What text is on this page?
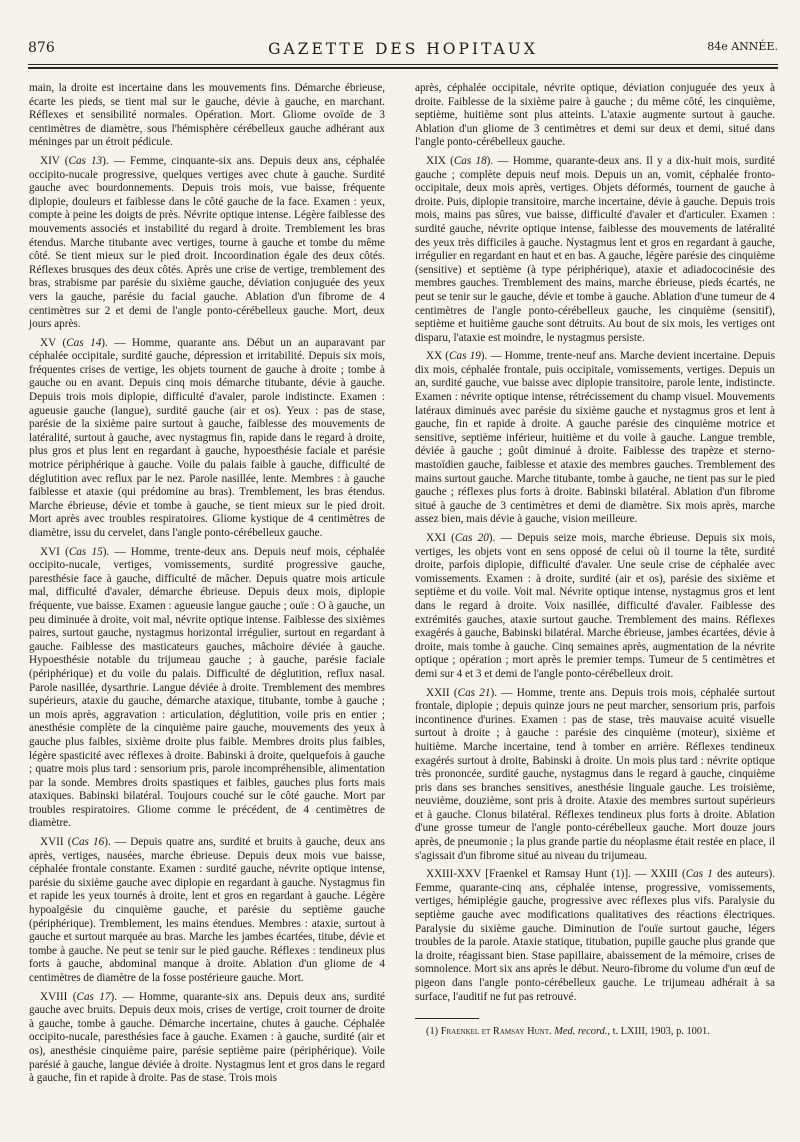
876	GAZETTE DES HOPITAUX	84e ANNÉE.

main, la droite est incertaine dans les mouvements fins. Démarche ébrieuse, écarte les pieds, se tient mal sur le gauche, dévie à gauche, en marchant. Réflexes et sensibilité normales. Opération. Mort. Gliome ovoïde de 3 centimètres de diamètre, sous l'hémisphère cérébelleux gauche adhérant aux méninges par un étroit pédicule.

XIV (Cas 13). — Femme, cinquante-six ans. Depuis deux ans, céphalée occipito-nucale progressive, quelques vertiges avec chute à gauche. Surdité gauche avec bourdonnements. Depuis trois mois, vue baisse, fréquente diplopie, douleurs et faiblesse dans le côté gauche de la face. Examen : yeux, compte à peine les doigts de près. Névrite optique intense. Légère faiblesse des mouvements associés et instabilité du regard à droite. Tremblement les bras étendus. Marche titubante avec vertiges, tourne à gauche et tombe du même côté. Se tient mieux sur le pied droit. Incoordination égale des deux côtés. Réflexes brusques des deux côtés. Après une crise de vertige, tremblement des bras, strabisme par parésie du sixième gauche, déviation conjuguée des yeux vers la gauche, parésie du facial gauche. Ablation d'un fibrome de 4 centimètres sur 2 et demi de l'angle ponto-cérébelleux gauche. Mort, deux jours après.

XV (Cas 14). — Homme, quarante ans. Début un an auparavant par céphalée occipitale, surdité gauche, dépression et irritabilité. Depuis six mois, fréquentes crises de vertige, les objets tournent de gauche à droite ; tombe à gauche ou en avant. Depuis cinq mois démarche titubante, dévie à gauche. Depuis trois mois diplopie, difficulté d'avaler, parole indistincte. Examen : agueusie gauche (langue), surdité gauche (air et os). Yeux : pas de stase, parésie de la sixième paire surtout à gauche, faiblesse des mouvements de latéralité, surtout à gauche, avec nystagmus fin, rapide dans le regard à droite, plus gros et plus lent en regardant à gauche, hypoesthésie faciale et parésie motrice périphérique à gauche. Voile du palais faible à gauche, difficulté de déglutition avec reflux par le nez. Parole nasillée, lente. Membres : à gauche faiblesse et ataxie (qui prédomine au bras). Tremblement, les bras étendus. Marche ébrieuse, dévie et tombe à gauche, se tient mieux sur le pied droit. Mort après avec troubles respiratoires. Gliome kystique de 4 centimètres de diamètre, issu du cervelet, dans l'angle ponto-cérébelleux gauche.

XVI (Cas 15). — Homme, trente-deux ans. Depuis neuf mois, céphalée occipito-nucale, vertiges, vomissements, surdité progressive gauche, paresthésie face à gauche, difficulté de mâcher. Depuis quatre mois articule mal, difficulté d'avaler, démarche ébrieuse. Depuis deux mois, diplopie fréquente, vue baisse. Examen : agueusie langue gauche ; ouïe : O à gauche, un peu diminuée à droite, voit mal, névrite optique intense. Faiblesse des sixièmes paires, surtout gauche, nystagmus horizontal irrégulier, surtout en regardant à gauche. Faiblesse des masticateurs gauches, mâchoire déviée à gauche. Hypoesthésie notable du trijumeau gauche ; à gauche, parésie faciale (périphérique) et du voile du palais. Difficulté de déglutition, reflux nasal. Parole nasillée, dysarthrie. Langue déviée à droite. Tremblement des membres supérieurs, ataxie du gauche, démarche ataxique, titubante, tombe à gauche ; un mois après, aggravation : articulation, déglutition, voile pris en entier ; anesthésie complète de la cinquième paire gauche, mouvements des yeux à gauche plus faibles, sixième droite plus faible. Membres droits plus faibles, légère spasticité avec réflexes à droite. Babinski à droite, quelquefois à gauche ; quatre mois plus tard : sensorium pris, parole incompréhensible, alimentation par la sonde. Membres droits spastiques et faibles, gauches plus forts mais ataxiques. Babinski bilatéral. Toujours couché sur le côté gauche. Mort par troubles respiratoires. Gliome comme le précédent, de 4 centimètres de diamètre.

XVII (Cas 16). — Depuis quatre ans, surdité et bruits à gauche, deux ans après, vertiges, nausées, marche ébrieuse. Depuis deux mois vue baisse, céphalée frontale constante. Examen : surdité gauche, névrite optique intense, parésie du sixième gauche avec diplopie en regardant à gauche. Nystagmus fin et rapide les yeux tournés à droite, lent et gros en regardant à gauche. Légère hypoalgésie du cinquième gauche, et parésie du septième gauche (périphérique). Tremblement, les mains étendues. Membres : ataxie, surtout à gauche et surtout marquée au bras. Marche les jambes écartées, titube, dévie et tombe à gauche. Ne peut se tenir sur le pied gauche. Réflexes : tendineux plus forts à gauche, abdominal manque à droite. Ablation d'un gliome de 4 centimètres de diamètre de la fosse postérieure gauche. Mort.

XVIII (Cas 17). — Homme, quarante-six ans. Depuis deux ans, surdité gauche avec bruits. Depuis deux mois, crises de vertige, croit tourner de droite à gauche, tombe à gauche. Démarche incertaine, chutes à gauche. Céphalée occipito-nucale, paresthésies face à gauche. Examen : à gauche, surdité (air et os), anesthésie cinquième paire, parésie septième paire (périphérique). Voile parésié à gauche, langue déviée à droite. Nystagmus lent et gros dans le regard à gauche, fin et rapide à droite. Pas de stase. Trois mois

après, céphalée occipitale, névrite optique, déviation conjuguée des yeux à droite. Faiblesse de la sixième paire à gauche ; du même côté, les cinquième, septième, huitième sont plus atteints. L'ataxie augmente surtout à gauche. Ablation d'un gliome de 3 centimètres et demi sur deux et demi, situé dans l'angle ponto-cérébelleux gauche.

XIX (Cas 18). — Homme, quarante-deux ans. Il y a dix-huit mois, surdité gauche ; complète depuis neuf mois. Depuis un an, vomit, céphalée fronto-occipitale, deux mois après, vertiges. Objets déformés, tournent de gauche à droite. Puis, diplopie transitoire, marche incertaine, dévie à gauche. Depuis trois mois, mains pas sûres, vue baisse, difficulté d'avaler et d'articuler. Examen : surdité gauche, névrite optique intense, faiblesse des mouvements de latéralité des yeux très difficiles à gauche. Nystagmus lent et gros en regardant à gauche, irrégulier en regardant en haut et en bas. A gauche, légère parésie des cinquième (sensitive) et septième (à type périphérique), ataxie et adiadococinésie des membres gauches. Tremblement des mains, marche ébrieuse, pieds écartés, ne peut se tenir sur le gauche, dévie et tombe à gauche. Ablation d'une tumeur de 4 centimètres de l'angle ponto-cérébelleux gauche, les cinquième (sensitif), septième et huitième gauche sont détruits. Au bout de six mois, les vertiges ont disparu, l'ataxie est moindre, le nystagmus persiste.

XX (Cas 19). — Homme, trente-neuf ans. Marche devient incertaine. Depuis dix mois, céphalée frontale, puis occipitale, vomissements, vertiges. Depuis un an, surdité gauche, vue baisse avec diplopie transitoire, parole lente, indistincte. Examen : névrite optique intense, rétrécissement du champ visuel. Mouvements latéraux diminués avec parésie du sixième gauche et nystagmus gros et lent à gauche, fin et rapide à droite. A gauche parésie des cinquième motrice et sensitive, septième inférieur, huitième et du voile à gauche. Langue tremble, déviée à gauche ; goût diminué à droite. Faiblesse des trapèze et sterno-mastoïdien gauche, faiblesse et ataxie des membres gauches. Tremblement des mains surtout gauche. Marche titubante, tombe à gauche, ne tient pas sur le pied gauche ; réflexes plus forts à droite. Babinski bilatéral. Ablation d'un fibrome situé à gauche de 3 centimètres et demi de diamètre. Six mois après, marche assez bien, mais dévie à gauche, vision meilleure.

XXI (Cas 20). — Depuis seize mois, marche ébrieuse. Depuis six mois, vertiges, les objets vont en sens opposé de celui où il tourne la tête, surdité droite, parfois diplopie, difficulté d'avaler. Une seule crise de céphalée avec vomissements. Examen : à droite, surdité (air et os), parésie des sixième et septième et du voile. Voit mal. Névrite optique intense, nystagmus gros et lent dans le regard à droite. Voix nasillée, difficulté d'avaler. Faiblesse des extrémités gauches, ataxie surtout gauche. Tremblement des mains. Réflexes exagérés à gauche, Babinski bilatéral. Marche ébrieuse, jambes écartées, dévie à droite, mais tombe à gauche. Cinq semaines après, augmentation de la névrite optique ; opération ; mort après le premier temps. Tumeur de 5 centimètres et demi sur 4 et 3 et demi de l'angle ponto-cérébelleux droit.

XXII (Cas 21). — Homme, trente ans. Depuis trois mois, céphalée surtout frontale, diplopie ; depuis quinze jours ne peut marcher, sensorium pris, parfois incontinence d'urines. Examen : pas de stase, très mauvaise acuité visuelle surtout à droite ; à gauche : parésie des cinquième (moteur), sixième et huitième. Marche incertaine, tend à tomber en arrière. Réflexes tendineux exagérés surtout à droite, Babinski à droite. Un mois plus tard : névrite optique très prononcée, surdité gauche, nystagmus dans le regard à gauche, cinquième pris dans ses branches sensitives, anesthésie linguale gauche. Les troisième, neuvième, douzième, sont pris à droite. Ataxie des membres surtout supérieurs et à gauche. Clonus bilatéral. Réflexes tendineux plus forts à droite. Ablation d'une grosse tumeur de l'angle ponto-cérébelleux gauche. Mort douze jours après, de pneumonie ; la plus grande partie du néoplasme était restée en place, il s'agissait d'un fibrome situé au niveau du trijumeau.

XXIII-XXV [Fraenkel et Ramsay Hunt (1)]. — XXIII (Cas 1 des auteurs). Femme, quarante-cinq ans, céphalée intense, progressive, vomissements, vertiges, hémiplégie gauche, progressive avec réflexes plus vifs. Paralysie du septième gauche avec modifications qualitatives des réactions électriques. Paralysie du sixième gauche. Diminution de l'ouïe surtout gauche, légers troubles de la parole. Ataxie statique, titubation, pupille gauche plus grande que la droite, réagissant bien. Stase papillaire, abaissement de la mémoire, crises de somnolence. Mort six ans après le début. Neuro-fibrome du volume d'un œuf de pigeon dans l'angle ponto-cérébelleux gauche. Le trijumeau adhérait à sa surface, l'auditif ne fut pas retrouvé.

(1) Fraenkel et Ramsay Hunt. Med. record., t. LXIII, 1903, p. 1001.
